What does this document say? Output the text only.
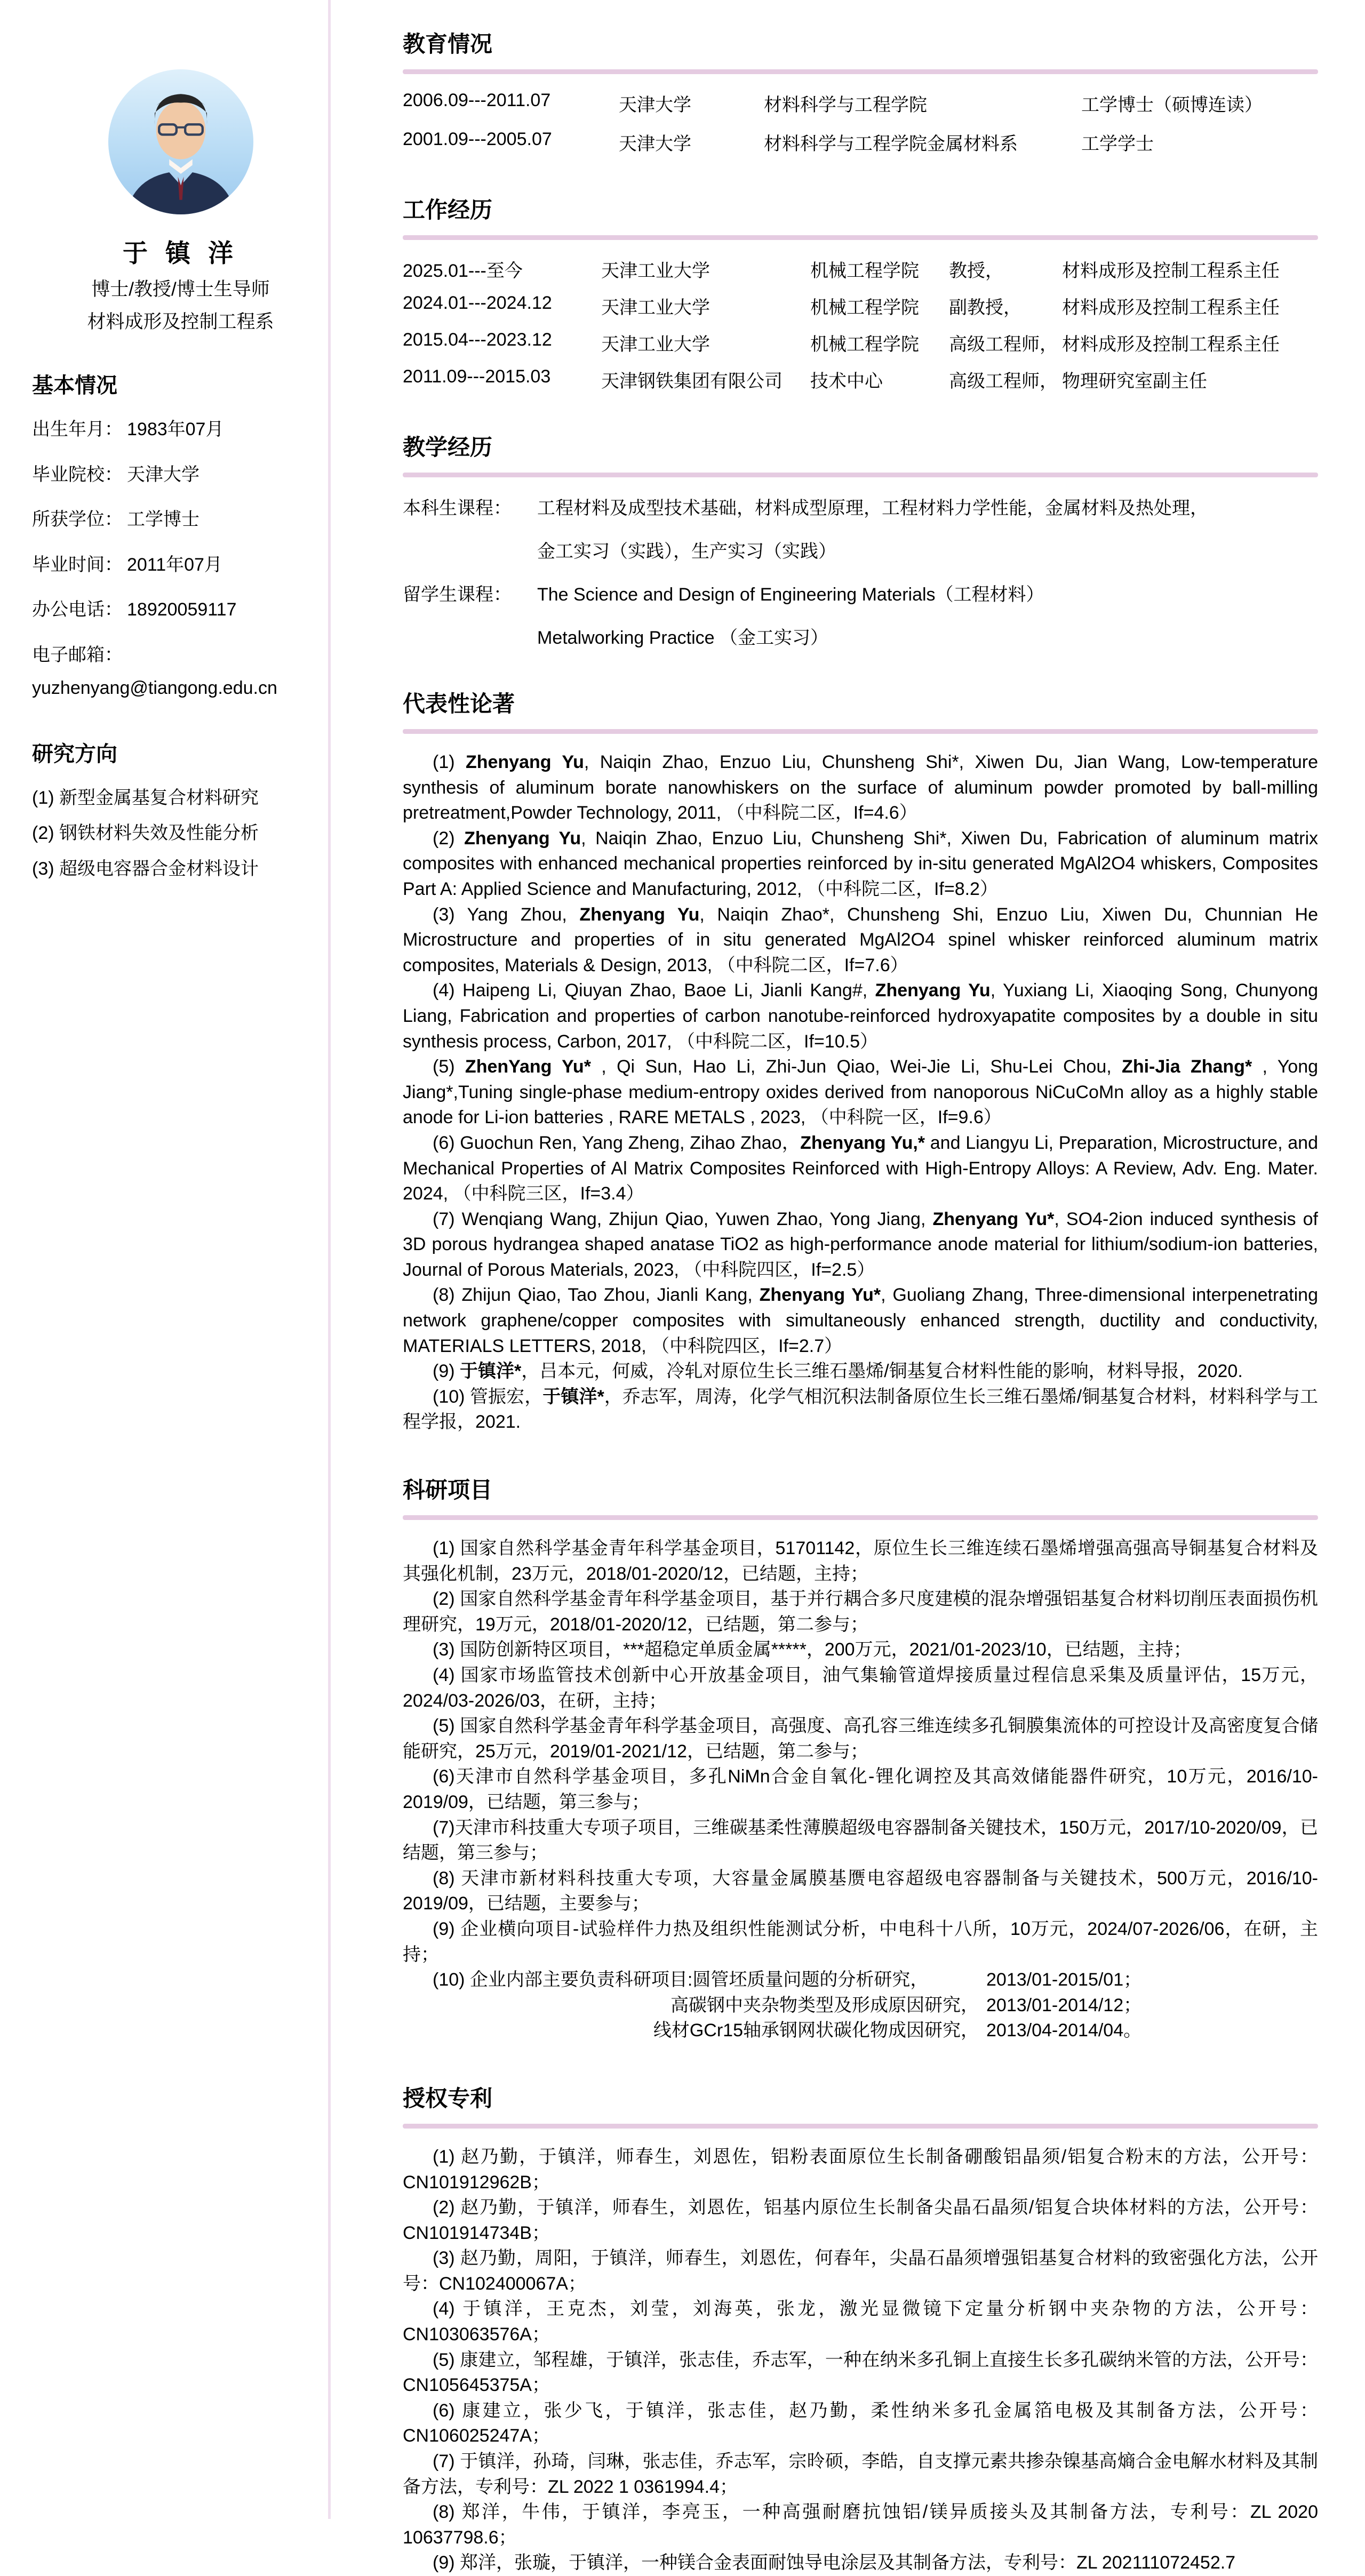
于 镇 洋
博士/教授/博士生导师
材料成形及控制工程系
基本情况
出生年月： 1983年07月
毕业院校： 天津大学
所获学位： 工学博士
毕业时间： 2011年07月
办公电话： 18920059117
电子邮箱：
yuzhenyang@tiangong.edu.cn
研究方向
(1) 新型金属基复合材料研究
(2) 钢铁材料失效及性能分析
(3) 超级电容器合金材料设计
教育情况
2006.09---2011.07	天津大学	材料科学与工程学院	工学博士（硕博连读）
2001.09---2005.07	天津大学	材料科学与工程学院金属材料系	工学学士
工作经历
2025.01---至今	天津工业大学	机械工程学院	教授，	材料成形及控制工程系主任
2024.01---2024.12	天津工业大学	机械工程学院	副教授， 材料成形及控制工程系主任
2015.04---2023.12	天津工业大学	机械工程学院	高级工程师， 材料成形及控制工程系主任
2011.09---2015.03	天津钢铁集团有限公司	技术中心	高级工程师， 物理研究室副主任
教学经历
本科生课程：	工程材料及成型技术基础，材料成型原理，工程材料力学性能，金属材料及热处理，
金工实习（实践），生产实习（实践）
留学生课程：	The Science and Design of Engineering Materials（工程材料）
Metalworking Practice （金工实习）
代表性论著

(1) Zhenyang Yu, Naiqin Zhao, Enzuo Liu, Chunsheng Shi*, Xiwen Du, Jian Wang, Low-temperature synthesis of aluminum borate nanowhiskers on the surface of aluminum powder promoted by ball-milling pretreatment,Powder Technology, 2011, （中科院二区，If=4.6）

(2) Zhenyang Yu, Naiqin Zhao, Enzuo Liu, Chunsheng Shi*, Xiwen Du, Fabrication of aluminum matrix composites with enhanced mechanical properties reinforced by in-situ generated MgAl2O4 whiskers, Composites Part A: Applied Science and Manufacturing, 2012, （中科院二区，If=8.2）

(3) Yang Zhou, Zhenyang Yu, Naiqin Zhao*, Chunsheng Shi, Enzuo Liu, Xiwen Du, Chunnian He Microstructure and properties of in situ generated MgAl2O4 spinel whisker reinforced aluminum matrix composites, Materials & Design, 2013, （中科院二区，If=7.6）

(4) Haipeng Li, Qiuyan Zhao, Baoe Li, Jianli Kang#, Zhenyang Yu, Yuxiang Li, Xiaoqing Song, Chunyong Liang, Fabrication and properties of carbon nanotube-reinforced hydroxyapatite composites by a double in situ synthesis process, Carbon, 2017, （中科院二区，If=10.5）

(5) ZhenYang Yu* , Qi Sun, Hao Li, Zhi-Jun Qiao, Wei-Jie Li, Shu-Lei Chou, Zhi-Jia Zhang* , Yong Jiang*,Tuning single-phase medium-entropy oxides derived from nanoporous NiCuCoMn alloy as a highly stable anode for Li-ion batteries , RARE METALS , 2023, （中科院一区，If=9.6）

(6) Guochun Ren, Yang Zheng, Zihao Zhao，Zhenyang Yu,* and Liangyu Li, Preparation, Microstructure, and Mechanical Properties of Al Matrix Composites Reinforced with High-Entropy Alloys: A Review, Adv. Eng. Mater. 2024, （中科院三区，If=3.4）

(7) Wenqiang Wang, Zhijun Qiao, Yuwen Zhao, Yong Jiang, Zhenyang Yu*, SO4-2ion induced synthesis of 3D porous hydrangea shaped anatase TiO2 as high-performance anode material for lithium/sodium-ion batteries, Journal of Porous Materials, 2023, （中科院四区，If=2.5）

(8) Zhijun Qiao, Tao Zhou, Jianli Kang, Zhenyang Yu*, Guoliang Zhang, Three-dimensional interpenetrating network graphene/copper composites with simultaneously enhanced strength, ductility and conductivity, MATERIALS LETTERS, 2018, （中科院四区，If=2.7）

(9) 于镇洋*，吕本元，何威，冷轧对原位生长三维石墨烯/铜基复合材料性能的影响，材料导报，2020.

(10) 管振宏，于镇洋*，乔志军，周涛，化学气相沉积法制备原位生长三维石墨烯/铜基复合材料，材料科学与工程学报，2021.

科研项目

(1) 国家自然科学基金青年科学基金项目，51701142，原位生长三维连续石墨烯增强高强高导铜基复合材料及其强化机制，23万元，2018/01-2020/12，已结题，主持；

(2) 国家自然科学基金青年科学基金项目，基于并行耦合多尺度建模的混杂增强铝基复合材料切削压表面损伤机理研究，19万元，2018/01-2020/12，已结题，第二参与；

(3) 国防创新特区项目，***超稳定单质金属*****，200万元，2021/01-2023/10，已结题，主持；

(4) 国家市场监管技术创新中心开放基金项目，油气集输管道焊接质量过程信息采集及质量评估，15万元，2024/03-2026/03，在研，主持；

(5) 国家自然科学基金青年科学基金项目，高强度、高孔容三维连续多孔铜膜集流体的可控设计及高密度复合储能研究，25万元，2019/01-2021/12，已结题，第二参与；

(6)天津市自然科学基金项目，多孔NiMn合金自氧化-锂化调控及其高效储能器件研究，10万元，2016/10-2019/09，已结题，第三参与；

(7)天津市科技重大专项子项目，三维碳基柔性薄膜超级电容器制备关键技术，150万元，2017/10-2020/09，已结题，第三参与；

(8) 天津市新材料科技重大专项，大容量金属膜基赝电容超级电容器制备与关键技术，500万元，2016/10-2019/09，已结题，主要参与；

(9) 企业横向项目-试验样件力热及组织性能测试分析，中电科十八所，10万元，2024/07-2026/06，在研，主持；

(10) 企业内部主要负责科研项目:圆管坯质量问题的分析研究，	2013/01-2015/01；
高碳钢中夹杂物类型及形成原因研究， 2013/01-2014/12；
线材GCr15轴承钢网状碳化物成因研究， 2013/04-2014/04。
授权专利

(1) 赵乃勤，于镇洋，师春生，刘恩佐，铝粉表面原位生长制备硼酸铝晶须/铝复合粉末的方法，公开号：CN101912962B；

(2) 赵乃勤，于镇洋，师春生，刘恩佐，铝基内原位生长制备尖晶石晶须/铝复合块体材料的方法，公开号：CN101914734B；

(3) 赵乃勤，周阳，于镇洋，师春生，刘恩佐，何春年，尖晶石晶须增强铝基复合材料的致密强化方法，公开号：CN102400067A；

(4) 于镇洋，王克杰，刘莹，刘海英，张龙，激光显微镜下定量分析钢中夹杂物的方法，公开号：CN103063576A；

(5) 康建立，邹程雄，于镇洋，张志佳，乔志军，一种在纳米多孔铜上直接生长多孔碳纳米管的方法，公开号：CN105645375A；

(6) 康建立，张少飞，于镇洋，张志佳，赵乃勤，柔性纳米多孔金属箔电极及其制备方法，公开号：CN106025247A；

(7) 于镇洋，孙琦，闫琳，张志佳，乔志军，宗昤硕，李皓，自支撑元素共掺杂镍基高熵合金电解水材料及其制备方法，专利号：ZL 2022 1 0361994.4；

(8) 郑洋，牛伟，于镇洋，李亮玉，一种高强耐磨抗蚀铝/镁异质接头及其制备方法，专利号：ZL 2020 10637798.6；

(9) 郑洋，张璇，于镇洋，一种镁合金表面耐蚀导电涂层及其制备方法，专利号：ZL 202111072452.7
